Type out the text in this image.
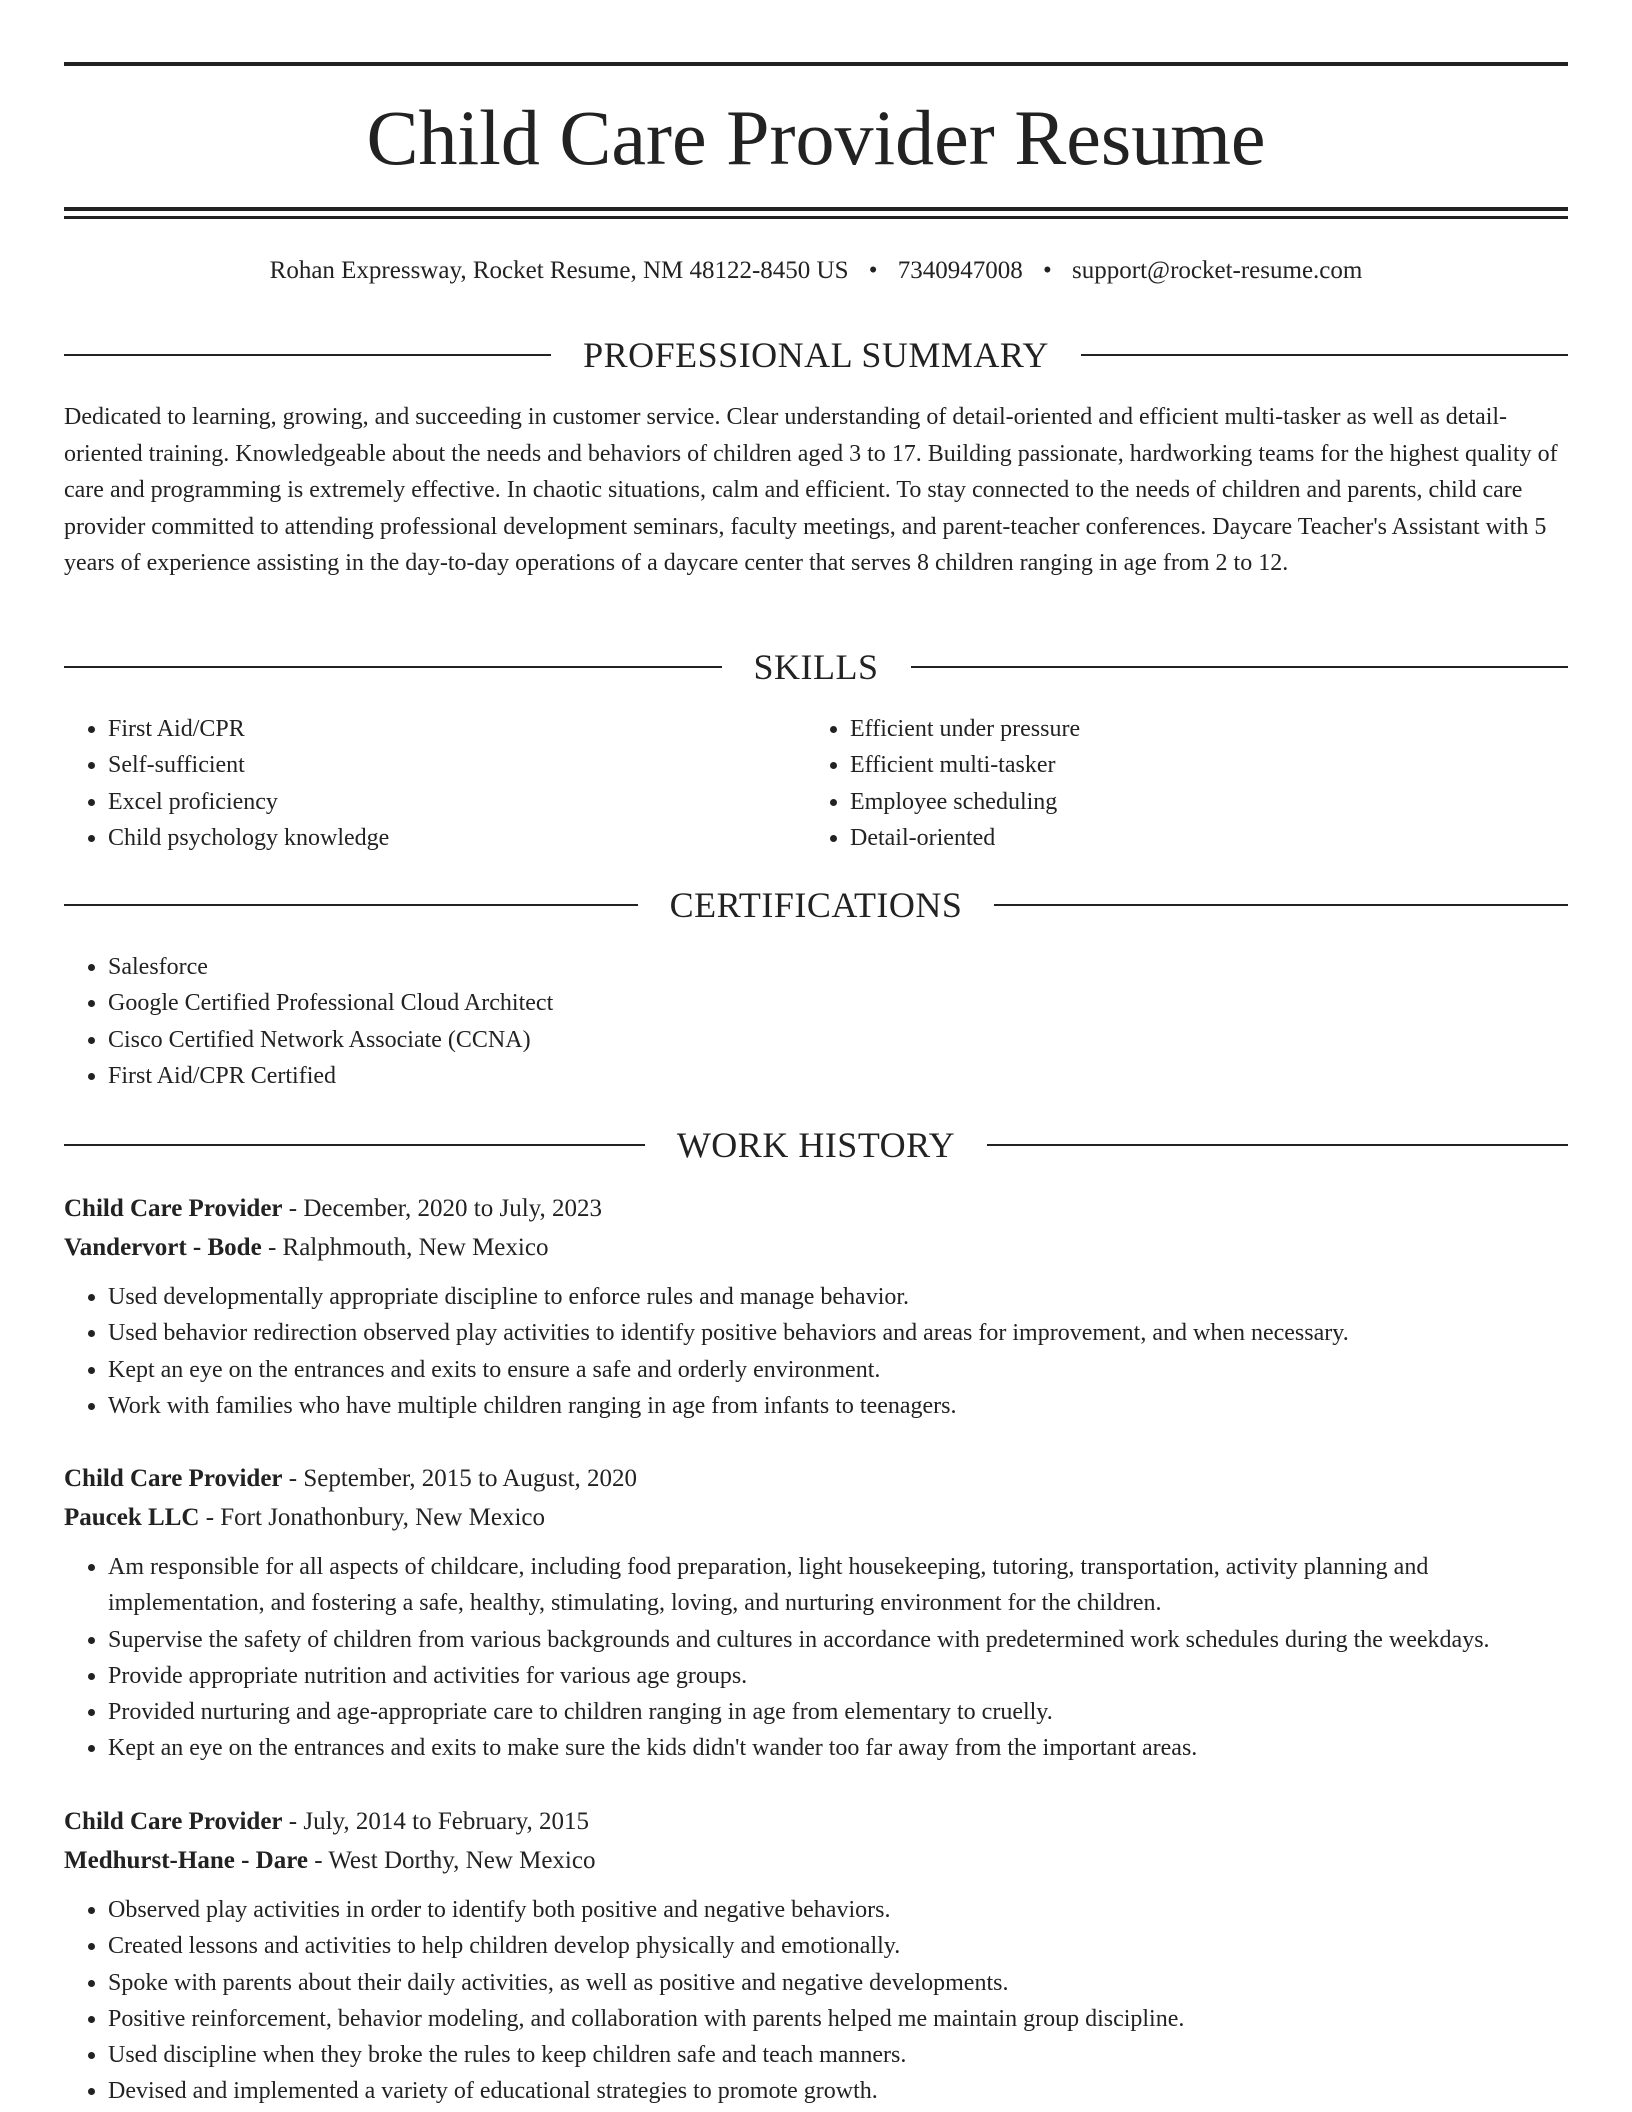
Child Care Provider Resume
Rohan Expressway, Rocket Resume, NM 48122-8450 US • 7340947008 • support@rocket-resume.com
PROFESSIONAL SUMMARY

Dedicated to learning, growing, and succeeding in customer service. Clear understanding of detail-oriented and efficient multi-tasker as well as detail-oriented training. Knowledgeable about the needs and behaviors of children aged 3 to 17. Building passionate, hardworking teams for the highest quality of care and programming is extremely effective. In chaotic situations, calm and efficient. To stay connected to the needs of children and parents, child care provider committed to attending professional development seminars, faculty meetings, and parent-teacher conferences. Daycare Teacher's Assistant with 5 years of experience assisting in the day-to-day operations of a daycare center that serves 8 children ranging in age from 2 to 12.

SKILLS
• First Aid/CPR
• Self-sufficient
• Excel proficiency
• Child psychology knowledge
• Efficient under pressure
• Efficient multi-tasker
• Employee scheduling
• Detail-oriented
CERTIFICATIONS
• Salesforce
• Google Certified Professional Cloud Architect
• Cisco Certified Network Associate (CCNA)
• First Aid/CPR Certified
WORK HISTORY
Child Care Provider - December, 2020 to July, 2023
Vandervort - Bode - Ralphmouth, New Mexico
• Used developmentally appropriate discipline to enforce rules and manage behavior.
• Used behavior redirection observed play activities to identify positive behaviors and areas for improvement, and when necessary.
• Kept an eye on the entrances and exits to ensure a safe and orderly environment.
• Work with families who have multiple children ranging in age from infants to teenagers.
Child Care Provider - September, 2015 to August, 2020
Paucek LLC - Fort Jonathonbury, New Mexico
• Am responsible for all aspects of childcare, including food preparation, light housekeeping, tutoring, transportation, activity planning and implementation, and fostering a safe, healthy, stimulating, loving, and nurturing environment for the children.
• Supervise the safety of children from various backgrounds and cultures in accordance with predetermined work schedules during the weekdays.
• Provide appropriate nutrition and activities for various age groups.
• Provided nurturing and age-appropriate care to children ranging in age from elementary to cruelly.
• Kept an eye on the entrances and exits to make sure the kids didn't wander too far away from the important areas.
Child Care Provider - July, 2014 to February, 2015
Medhurst-Hane - Dare - West Dorthy, New Mexico
• Observed play activities in order to identify both positive and negative behaviors.
• Created lessons and activities to help children develop physically and emotionally.
• Spoke with parents about their daily activities, as well as positive and negative developments.
• Positive reinforcement, behavior modeling, and collaboration with parents helped me maintain group discipline.
• Used discipline when they broke the rules to keep children safe and teach manners.
• Devised and implemented a variety of educational strategies to promote growth.
